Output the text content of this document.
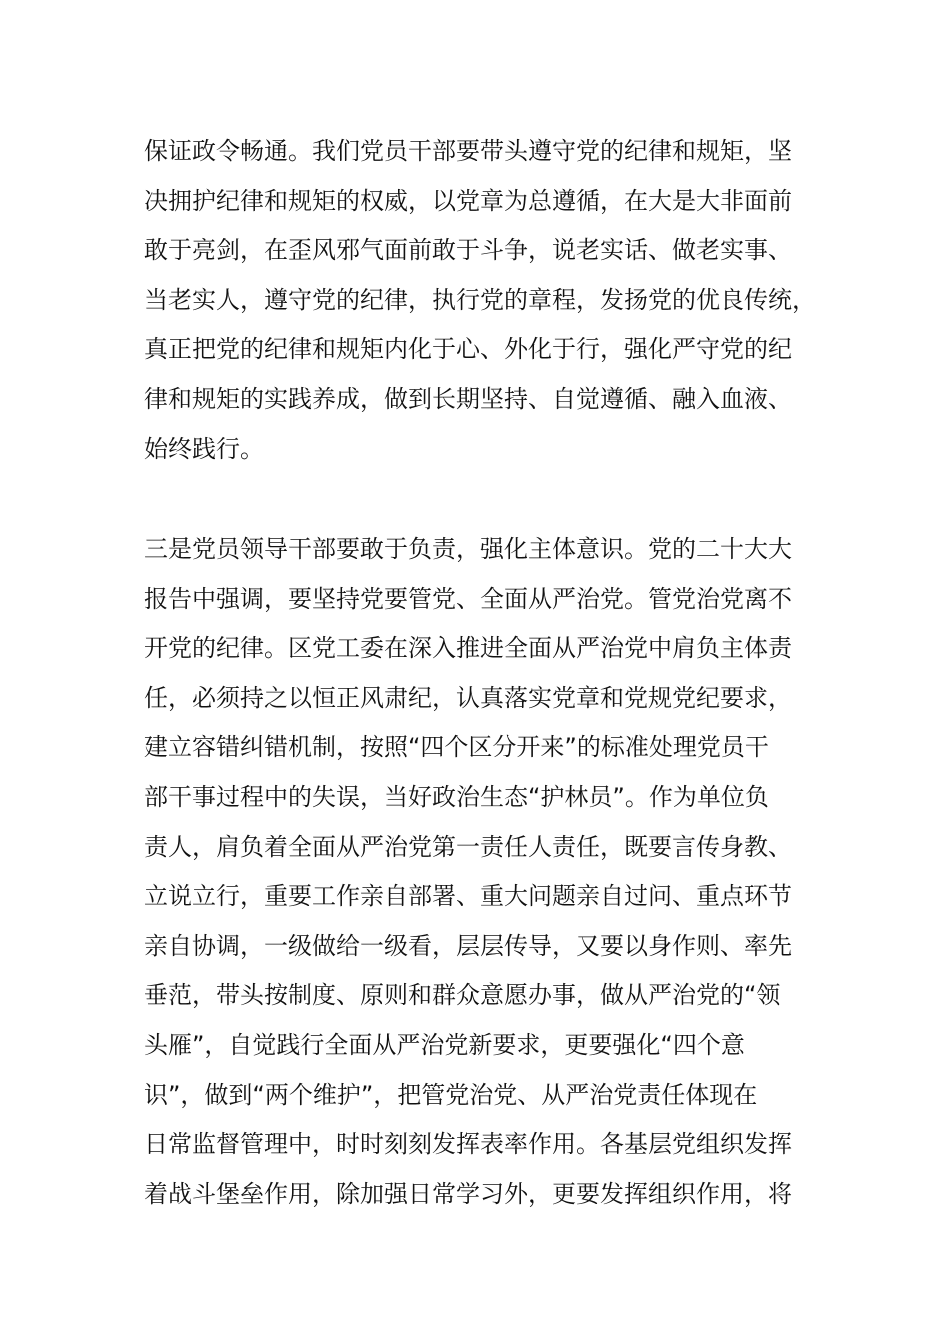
保证政令畅通。我们党员干部要带头遵守党的纪律和规矩，坚
决拥护纪律和规矩的权威，以党章为总遵循，在大是大非面前
敢于亮剑，在歪风邪气面前敢于斗争，说老实话、做老实事、
当老实人，遵守党的纪律，执行党的章程，发扬党的优良传统，
真正把党的纪律和规矩内化于心、外化于行，强化严守党的纪
律和规矩的实践养成，做到长期坚持、自觉遵循、融入血液、
始终践行。
三是党员领导干部要敢于负责，强化主体意识。党的二十大大
报告中强调，要坚持党要管党、全面从严治党。管党治党离不
开党的纪律。区党工委在深入推进全面从严治党中肩负主体责
任，必须持之以恒正风肃纪，认真落实党章和党规党纪要求，
建立容错纠错机制，按照“四个区分开来”的标准处理党员干
部干事过程中的失误，当好政治生态“护林员”。作为单位负
责人，肩负着全面从严治党第一责任人责任，既要言传身教、
立说立行，重要工作亲自部署、重大问题亲自过问、重点环节
亲自协调，一级做给一级看，层层传导，又要以身作则、率先
垂范，带头按制度、原则和群众意愿办事，做从严治党的“领
头雁”，自觉践行全面从严治党新要求，更要强化“四个意
识”，做到“两个维护”，把管党治党、从严治党责任体现在
日常监督管理中，时时刻刻发挥表率作用。各基层党组织发挥
着战斗堡垒作用，除加强日常学习外，更要发挥组织作用，将
